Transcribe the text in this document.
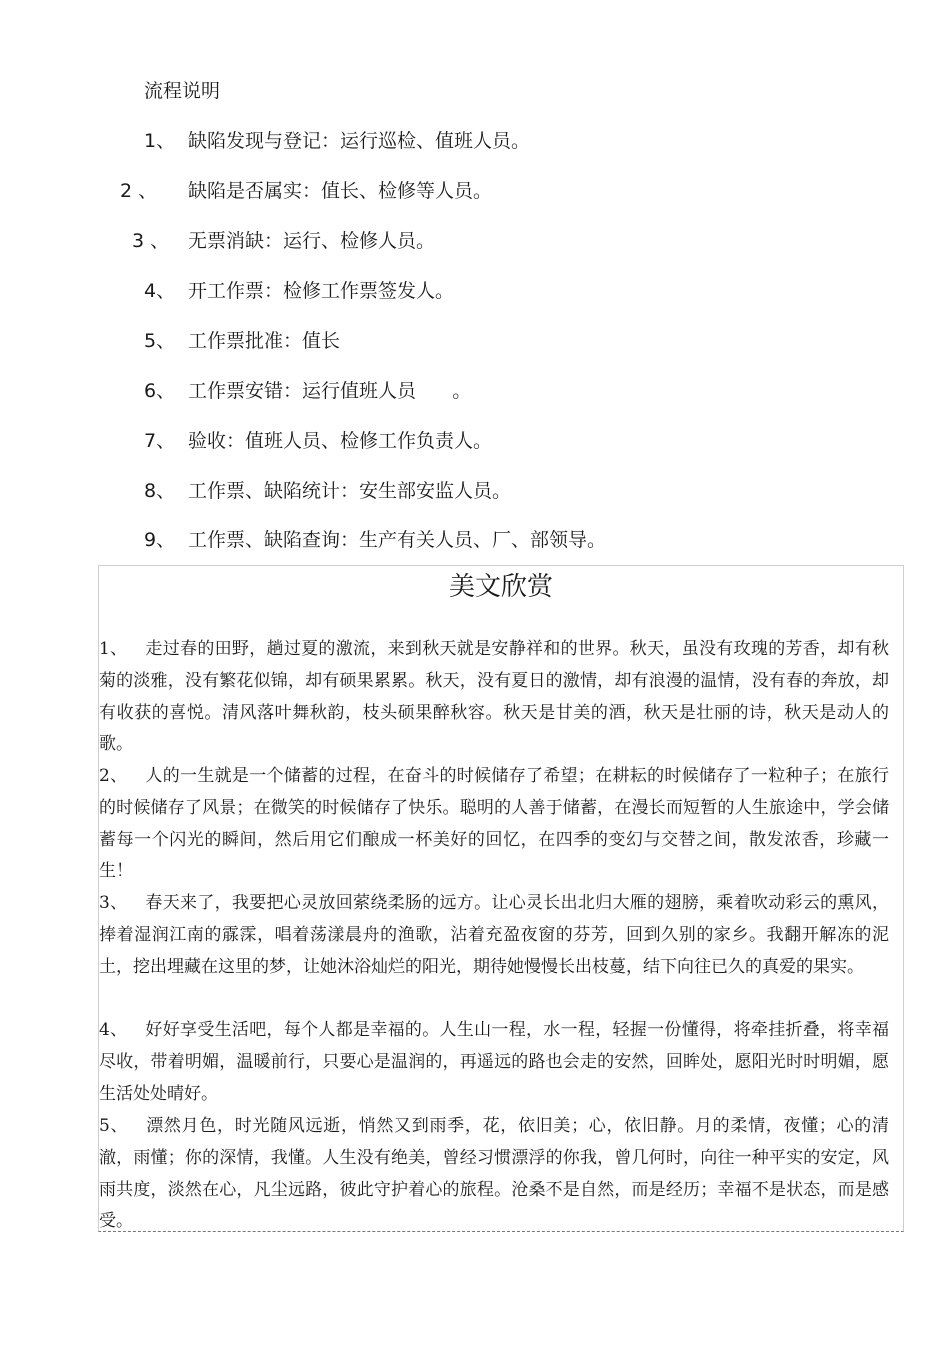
流程说明
1、 缺陷发现与登记：运行巡检、值班人员。
2 、 缺陷是否属实：值长、检修等人员。
3 、 无票消缺：运行、检修人员。
4、 开工作票：检修工作票签发人。
5、 工作票批准：值长
6、 工作票安错：运行值班人员      。
7、 验收：值班人员、检修工作负责人。
8、 工作票、缺陷统计：安生部安监人员。
9、 工作票、缺陷查询：生产有关人员、厂、部领导。
美文欣赏

1、 走过春的田野，趟过夏的激流，来到秋天就是安静祥和的世界。秋天，虽没有玫瑰的芳香，却有秋菊的淡雅，没有繁花似锦，却有硕果累累。秋天，没有夏日的激情，却有浪漫的温情，没有春的奔放，却有收获的喜悦。清风落叶舞秋韵，枝头硕果醉秋容。秋天是甘美的酒，秋天是壮丽的诗，秋天是动人的歌。

2、 人的一生就是一个储蓄的过程，在奋斗的时候储存了希望；在耕耘的时候储存了一粒种子；在旅行的时候储存了风景；在微笑的时候储存了快乐。聪明的人善于储蓄，在漫长而短暂的人生旅途中，学会储蓄每一个闪光的瞬间，然后用它们酿成一杯美好的回忆，在四季的变幻与交替之间，散发浓香，珍藏一生！

3、 春天来了，我要把心灵放回萦绕柔肠的远方。让心灵长出北归大雁的翅膀，乘着吹动彩云的熏风，捧着湿润江南的霡霂，唱着荡漾晨舟的渔歌，沾着充盈夜窗的芬芳，回到久别的家乡。我翻开解冻的泥土，挖出埋藏在这里的梦，让她沐浴灿烂的阳光，期待她慢慢长出枝蔓，结下向往已久的真爱的果实。

4、 好好享受生活吧，每个人都是幸福的。人生山一程，水一程，轻握一份懂得，将牵挂折叠，将幸福尽收，带着明媚，温暖前行，只要心是温润的，再遥远的路也会走的安然，回眸处，愿阳光时时明媚，愿生活处处晴好。

5、 漂然月色，时光随风远逝，悄然又到雨季，花，依旧美；心，依旧静。月的柔情，夜懂；心的清澈，雨懂；你的深情，我懂。人生没有绝美，曾经习惯漂浮的你我，曾几何时，向往一种平实的安定，风雨共度，淡然在心，凡尘远路，彼此守护着心的旅程。沧桑不是自然，而是经历；幸福不是状态，而是感受。
